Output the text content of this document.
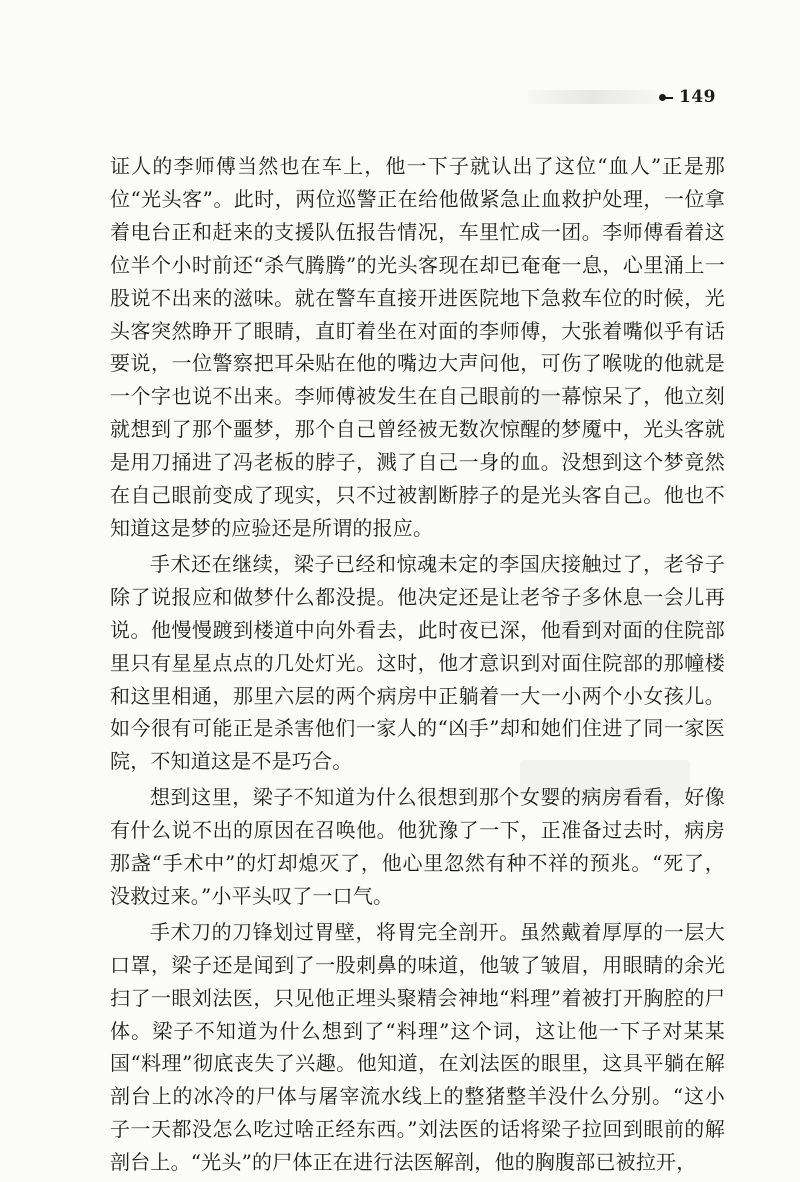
149

证人的李师傅当然也在车上，他一下子就认出了这位“血人”正是那位“光头客”。此时，两位巡警正在给他做紧急止血救护处理，一位拿着电台正和赶来的支援队伍报告情况，车里忙成一团。李师傅看着这位半个小时前还“杀气腾腾”的光头客现在却已奄奄一息，心里涌上一股说不出来的滋味。就在警车直接开进医院地下急救车位的时候，光头客突然睁开了眼睛，直盯着坐在对面的李师傅，大张着嘴似乎有话要说，一位警察把耳朵贴在他的嘴边大声问他，可伤了喉咙的他就是一个字也说不出来。李师傅被发生在自己眼前的一幕惊呆了，他立刻就想到了那个噩梦，那个自己曾经被无数次惊醒的梦魇中，光头客就是用刀捅进了冯老板的脖子，溅了自己一身的血。没想到这个梦竟然在自己眼前变成了现实，只不过被割断脖子的是光头客自己。他也不知道这是梦的应验还是所谓的报应。

手术还在继续，梁子已经和惊魂未定的李国庆接触过了，老爷子除了说报应和做梦什么都没提。他决定还是让老爷子多休息一会儿再说。他慢慢踱到楼道中向外看去，此时夜已深，他看到对面的住院部里只有星星点点的几处灯光。这时，他才意识到对面住院部的那幢楼和这里相通，那里六层的两个病房中正躺着一大一小两个小女孩儿。如今很有可能正是杀害他们一家人的“凶手”却和她们住进了同一家医院，不知道这是不是巧合。

想到这里，梁子不知道为什么很想到那个女婴的病房看看，好像有什么说不出的原因在召唤他。他犹豫了一下，正准备过去时，病房那盏“手术中”的灯却熄灭了，他心里忽然有种不祥的预兆。“死了，没救过来。”小平头叹了一口气。

手术刀的刀锋划过胃壁，将胃完全剖开。虽然戴着厚厚的一层大口罩，梁子还是闻到了一股刺鼻的味道，他皱了皱眉，用眼睛的余光扫了一眼刘法医，只见他正埋头聚精会神地“料理”着被打开胸腔的尸体。梁子不知道为什么想到了“料理”这个词，这让他一下子对某某国“料理”彻底丧失了兴趣。他知道，在刘法医的眼里，这具平躺在解剖台上的冰冷的尸体与屠宰流水线上的整猪整羊没什么分别。“这小子一天都没怎么吃过啥正经东西。”刘法医的话将梁子拉回到眼前的解剖台上。“光头”的尸体正在进行法医解剖，他的胸腹部已被拉开，
